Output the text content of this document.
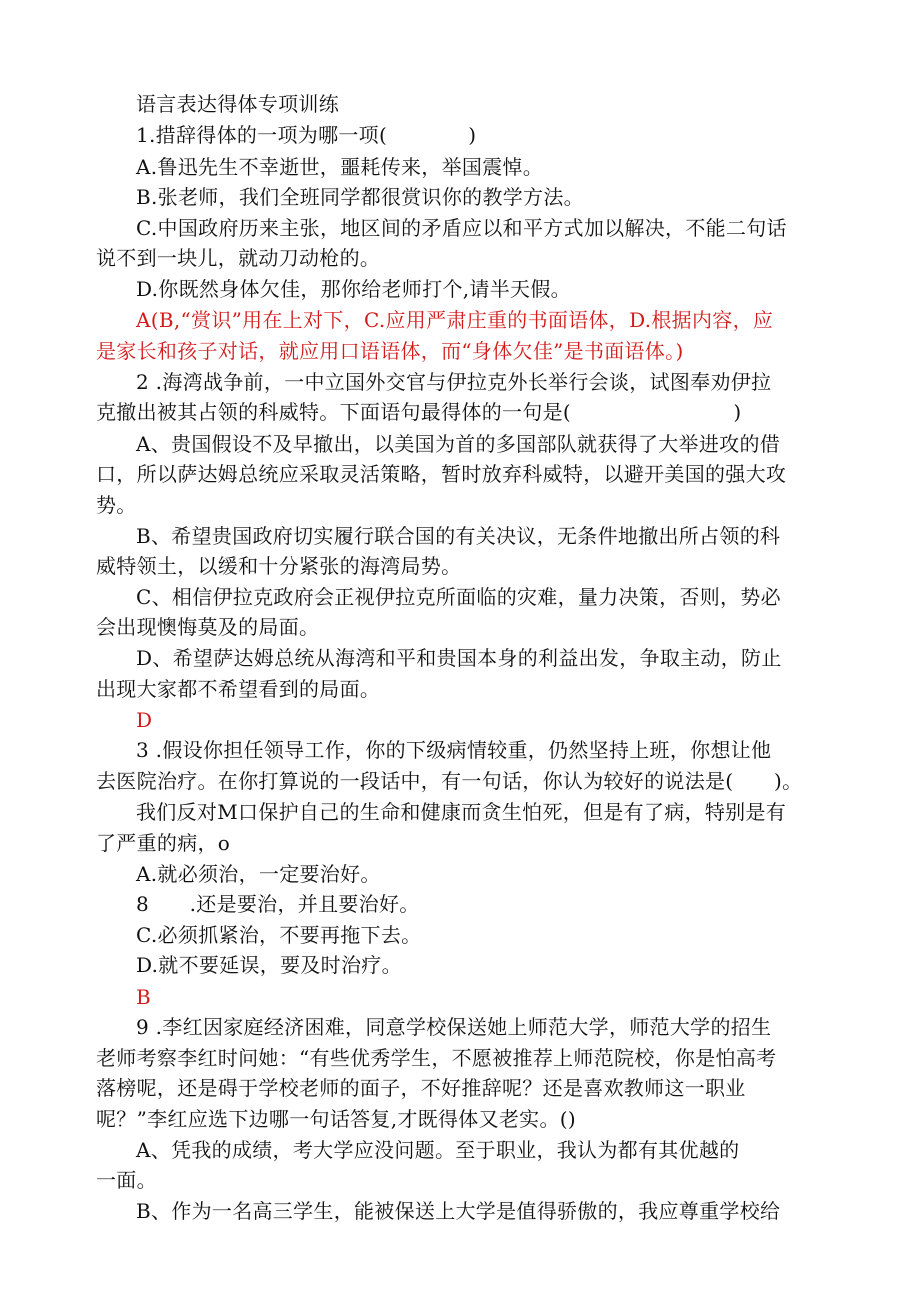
语言表达得体专项训练
1.措辞得体的一项为哪一项(　　　　)
A.鲁迅先生不幸逝世，噩耗传来，举国震悼。
B.张老师，我们全班同学都很赏识你的教学方法。
C.中国政府历来主张，地区间的矛盾应以和平方式加以解决，不能二句话
说不到一块儿，就动刀动枪的。
D.你既然身体欠佳，那你给老师打个,请半天假。
A(B,“赏识”用在上对下，C.应用严肃庄重的书面语体，D.根据内容，应
是家长和孩子对话，就应用口语语体，而“身体欠佳”是书面语体。)
2 .海湾战争前，一中立国外交官与伊拉克外长举行会谈，试图奉劝伊拉
克撤出被其占领的科威特。下面语句最得体的一句是(　　　　　　　　)
A、贵国假设不及早撤出，以美国为首的多国部队就获得了大举进攻的借
口，所以萨达姆总统应采取灵活策略，暂时放弃科威特，以避开美国的强大攻
势。
B、希望贵国政府切实履行联合国的有关决议，无条件地撤出所占领的科
威特领土，以缓和十分紧张的海湾局势。
C、相信伊拉克政府会正视伊拉克所面临的灾难，量力决策，否则，势必
会出现懊悔莫及的局面。
D、希望萨达姆总统从海湾和平和贵国本身的利益出发，争取主动，防止
出现大家都不希望看到的局面。
D
3 .假设你担任领导工作，你的下级病情较重，仍然坚持上班，你想让他
去医院治疗。在你打算说的一段话中，有一句话，你认为较好的说法是(　　)。
我们反对M口保护自己的生命和健康而贪生怕死，但是有了病，特别是有
了严重的病，o
A.就必须治，一定要治好。
8　　.还是要治，并且要治好。
C.必须抓紧治，不要再拖下去。
D.就不要延误，要及时治疗。
B
9 .李红因家庭经济困难，同意学校保送她上师范大学，师范大学的招生
老师考察李红时问她：“有些优秀学生，不愿被推荐上师范院校，你是怕高考
落榜呢，还是碍于学校老师的面子，不好推辞呢？还是喜欢教师这一职业
呢？”李红应选下边哪一句话答复,才既得体又老实。()
A、凭我的成绩，考大学应没问题。至于职业，我认为都有其优越的
一面。
B、作为一名高三学生，能被保送上大学是值得骄傲的，我应尊重学校给
